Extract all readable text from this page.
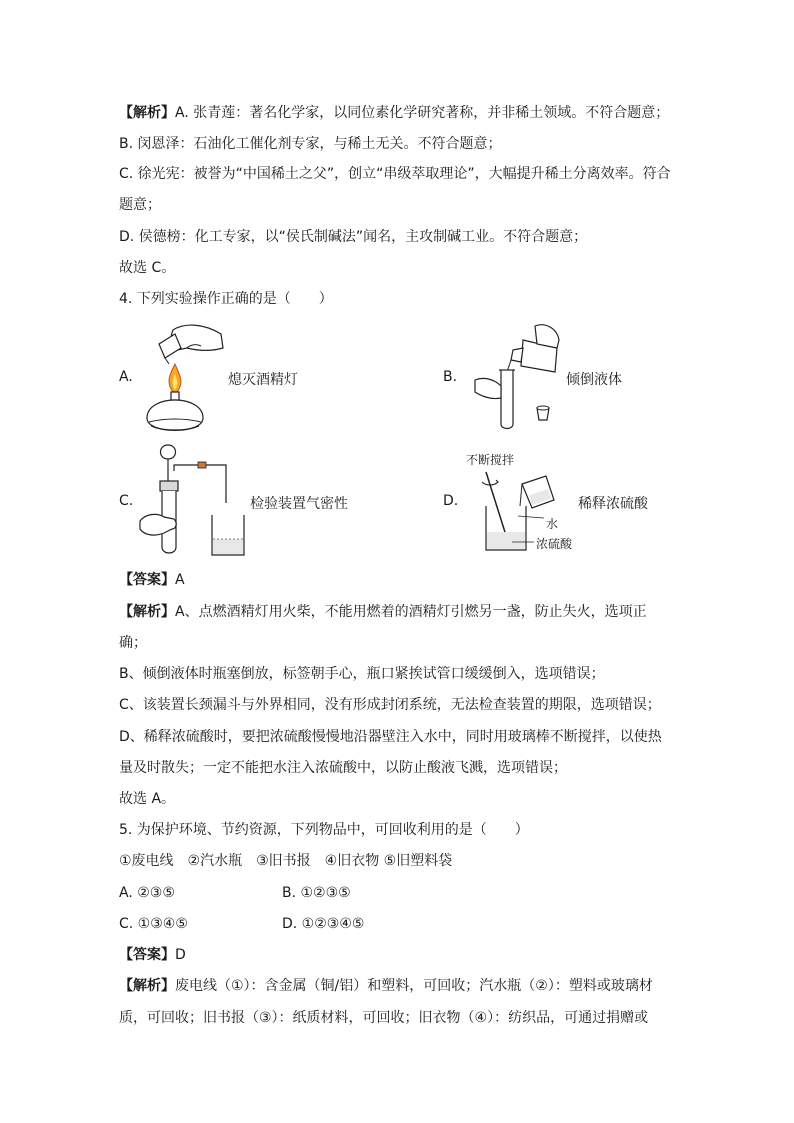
【解析】A. 张青莲：著名化学家，以同位素化学研究著称，并非稀土领域。不符合题意；
B. 闵恩泽：石油化工催化剂专家，与稀土无关。不符合题意；
C. 徐光宪：被誉为“中国稀土之父”，创立“串级萃取理论”，大幅提升稀土分离效率。符合
题意；
D. 侯德榜：化工专家，以“侯氏制碱法”闻名，主攻制碱工业。不符合题意；
故选 C。
4. 下列实验操作正确的是（　　）
A.	熄灭酒精灯	B.	倾倒液体
C.	检验装置气密性
不断搅拌
水
浓硫酸
D.	稀释浓硫酸
【答案】A
【解析】A、点燃酒精灯用火柴，不能用燃着的酒精灯引燃另一盏，防止失火，选项正
确；
B、倾倒液体时瓶塞倒放，标签朝手心，瓶口紧挨试管口缓缓倒入，选项错误；
C、该装置长颈漏斗与外界相同，没有形成封闭系统，无法检查装置的期限，选项错误；
D、稀释浓硫酸时，要把浓硫酸慢慢地沿器壁注入水中，同时用玻璃棒不断搅拌，以使热
量及时散失；一定不能把水注入浓硫酸中，以防止酸液飞溅，选项错误；
故选 A。
5. 为保护环境、节约资源，下列物品中，可回收利用的是（　　）
①废电线　②汽水瓶　③旧书报　④旧衣物 ⑤旧塑料袋
A. ②③⑤	B. ①②③⑤
C. ①③④⑤	D. ①②③④⑤
【答案】D
【解析】废电线（①）：含金属（铜/铝）和塑料，可回收；汽水瓶（②）：塑料或玻璃材
质，可回收；旧书报（③）：纸质材料，可回收；旧衣物（④）：纺织品，可通过捐赠或
